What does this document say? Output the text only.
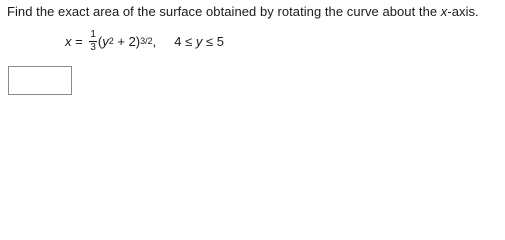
Find the exact area of the surface obtained by rotating the curve about the x-axis.
$x = \frac{1}{3}$ ( y 2 + 2) 3/2 , 4 ≤ y ≤ 5
